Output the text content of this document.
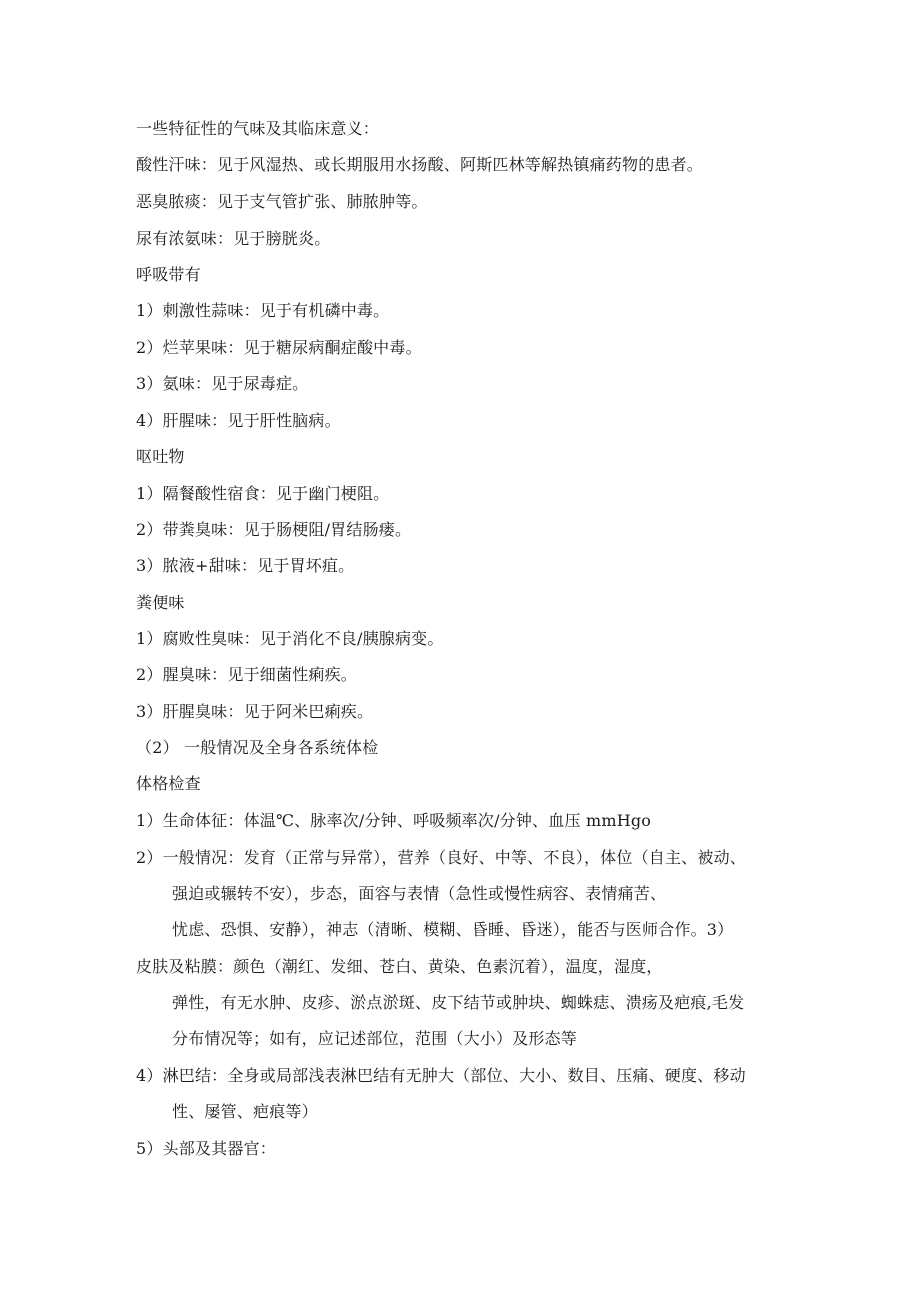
一些特征性的气味及其临床意义：
酸性汗味：见于风湿热、或长期服用水扬酸、阿斯匹林等解热镇痛药物的患者。
恶臭脓痰：见于支气管扩张、肺脓肿等。
尿有浓氨味：见于膀胱炎。
呼吸带有
1）刺激性蒜味：见于有机磷中毒。
2）烂苹果味：见于糖尿病酮症酸中毒。
3）氨味：见于尿毒症。
4）肝腥味：见于肝性脑病。
呕吐物
1）隔餐酸性宿食：见于幽门梗阻。
2）带粪臭味：见于肠梗阻/胃结肠瘘。
3）脓液+甜味：见于胃坏疽。
粪便味
1）腐败性臭味：见于消化不良/胰腺病变。
2）腥臭味：见于细菌性痢疾。
3）肝腥臭味：见于阿米巴痢疾。
（2） 一般情况及全身各系统体检
体格检查
1）生命体征：体温℃、脉率次/分钟、呼吸频率次/分钟、血压 mmHgo
2）一般情况：发育（正常与异常），营养（良好、中等、不良），体位（自主、被动、
强迫或辗转不安），步态，面容与表情（急性或慢性病容、表情痛苦、
忧虑、恐惧、安静），神志（清晰、模糊、昏睡、昏迷），能否与医师合作。3）
皮肤及粘膜：颜色（潮红、发细、苍白、黄染、色素沉着），温度，湿度，
弹性，有无水肿、皮疹、淤点淤斑、皮下结节或肿块、蜘蛛痣、溃疡及疤痕,毛发
分布情况等；如有，应记述部位，范围（大小）及形态等
4）淋巴结：全身或局部浅表淋巴结有无肿大（部位、大小、数目、压痛、硬度、移动
性、屡管、疤痕等）
5）头部及其器官：
